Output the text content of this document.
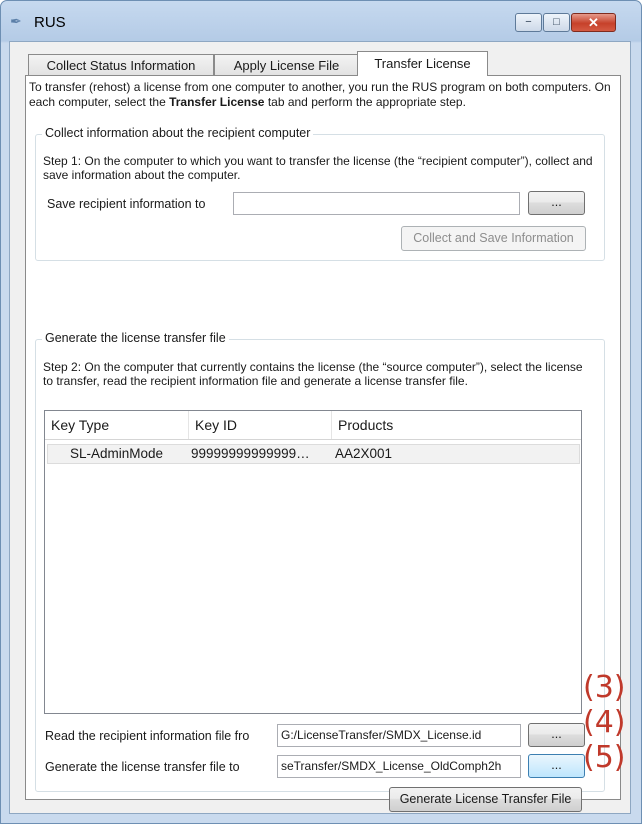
✒ RUS	−	□	✕
Collect Status Information	Apply License File	Transfer License
To transfer (rehost) a license from one computer to another, you run the RUS program on both computers. On each computer, select the Transfer License tab and perform the appropriate step.
Collect information about the recipient computer
Step 1: On the computer to which you want to transfer the license (the “recipient computer”), collect and save information about the computer.
Save recipient information to	...
Collect and Save Information
Generate the license transfer file
Step 2: On the computer that currently contains the license (the “source computer”), select the license to transfer, read the recipient information file and generate a license transfer file.
Key Type	Key ID	Products
SL-AdminMode	99999999999999…	AA2X001
Read the recipient information file fro	G:/LicenseTransfer/SMDX_License.id	...
Generate the license transfer file to	seTransfer/SMDX_License_OldComph2h	...
Generate License Transfer File
(3)
(4)
(5)
